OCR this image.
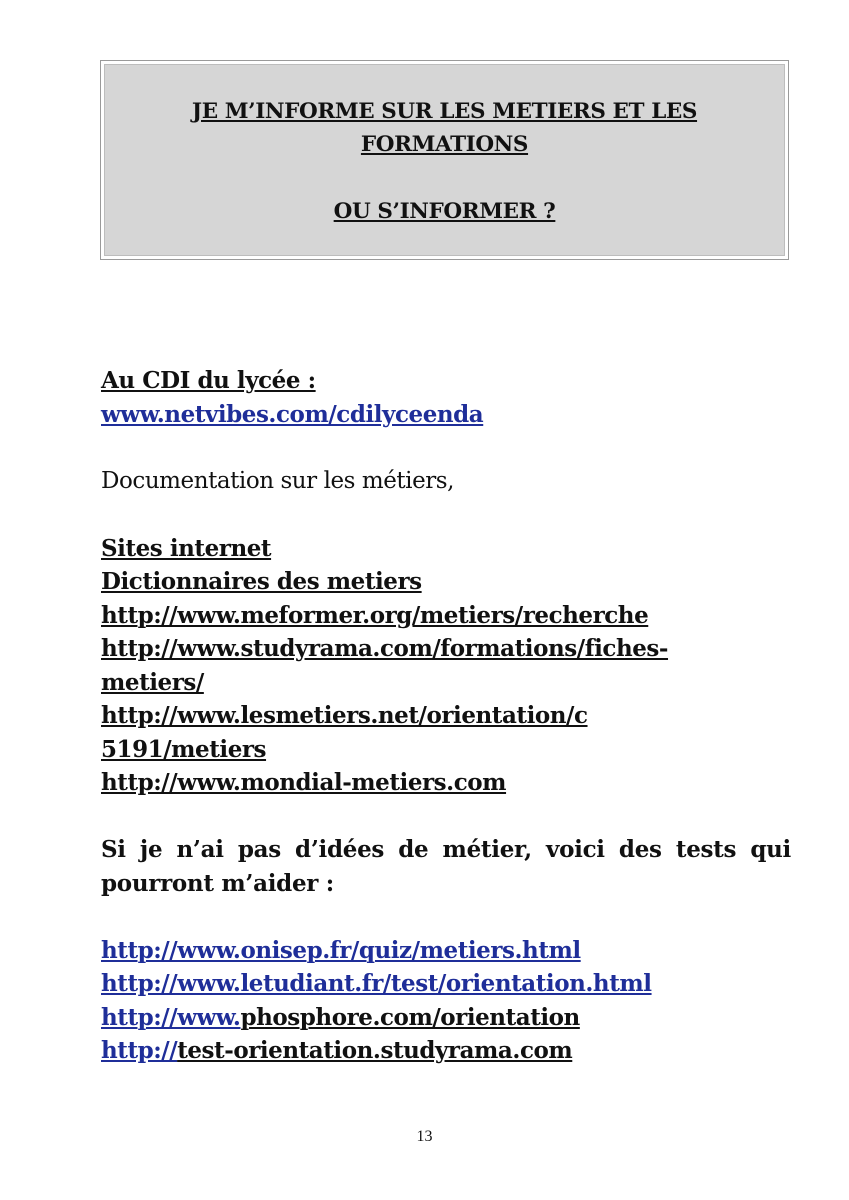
JE M’INFORME SUR LES METIERS ET LES
FORMATIONS
OU S’INFORMER ?
Au CDI du lycée :
www.netvibes.com/cdilyceenda
Documentation sur les métiers,
Sites internet
Dictionnaires des metiers
http://www.meformer.org/metiers/recherche
http://www.studyrama.com/formations/fiches-
metiers/
http://www.lesmetiers.net/orientation/c
5191/metiers
http://www.mondial-metiers.com
Si je n’ai pas d’idées de métier, voici des tests qui pourront m’aider :
http://www.onisep.fr/quiz/metiers.html
http://www.letudiant.fr/test/orientation.html
http://www.phosphore.com/orientation
http://test-orientation.studyrama.com
13
